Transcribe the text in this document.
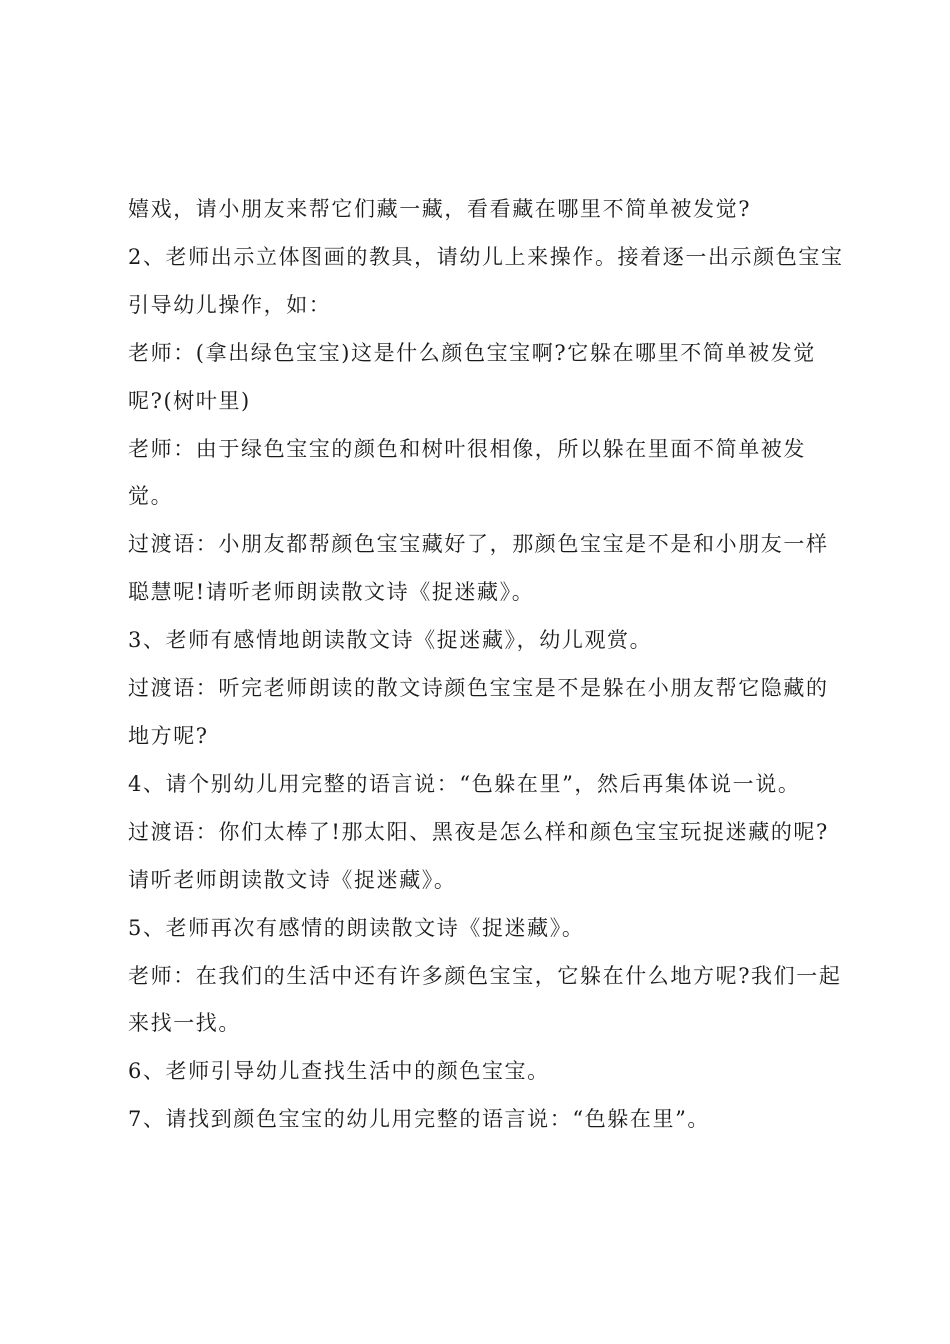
嬉戏，请小朋友来帮它们藏一藏，看看藏在哪里不简单被发觉?

2、老师出示立体图画的教具，请幼儿上来操作。接着逐一出示颜色宝宝
引导幼儿操作，如：

老师：(拿出绿色宝宝)这是什么颜色宝宝啊?它躲在哪里不简单被发觉
呢?(树叶里)

老师：由于绿色宝宝的颜色和树叶很相像，所以躲在里面不简单被发
觉。

过渡语：小朋友都帮颜色宝宝藏好了，那颜色宝宝是不是和小朋友一样
聪慧呢!请听老师朗读散文诗《捉迷藏》。

3、老师有感情地朗读散文诗《捉迷藏》，幼儿观赏。

过渡语：听完老师朗读的散文诗颜色宝宝是不是躲在小朋友帮它隐藏的
地方呢?

4、请个别幼儿用完整的语言说：“色躲在里”，然后再集体说一说。

过渡语：你们太棒了!那太阳、黑夜是怎么样和颜色宝宝玩捉迷藏的呢?
请听老师朗读散文诗《捉迷藏》。

5、老师再次有感情的朗读散文诗《捉迷藏》。

老师：在我们的生活中还有许多颜色宝宝，它躲在什么地方呢?我们一起
来找一找。

6、老师引导幼儿查找生活中的颜色宝宝。

7、请找到颜色宝宝的幼儿用完整的语言说：“色躲在里”。
